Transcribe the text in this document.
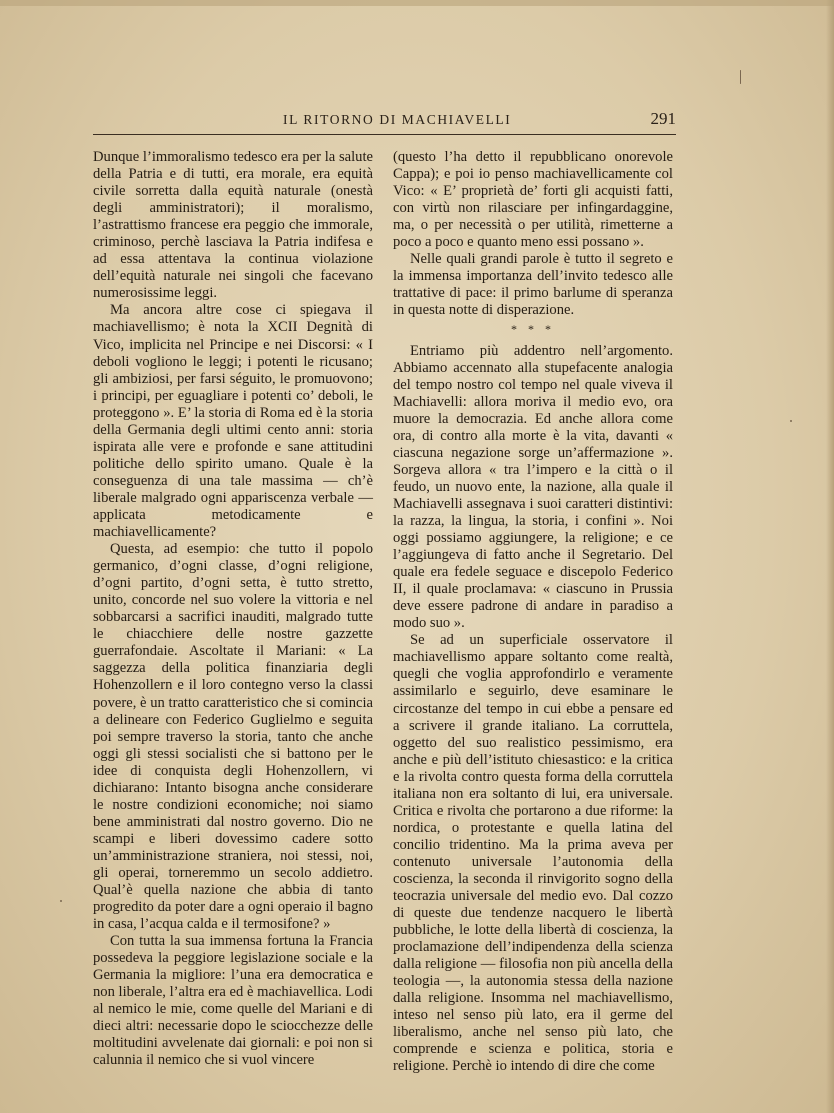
IL RITORNO DI MACHIAVELLI	291

Dunque l’immoralismo tedesco era per la salute della Patria e di tutti, era morale, era equità civile sorretta dalla equità naturale (onestà degli amministratori); il moralismo, l’astrattismo francese era peggio che immorale, criminoso, perchè lasciava la Patria indifesa e ad essa attentava la continua violazione dell’equità naturale nei singoli che facevano numerosissime leggi.

Ma ancora altre cose ci spiegava il machiavellismo; è nota la XCII Degnità di Vico, implicita nel Principe e nei Discorsi: « I deboli vogliono le leggi; i potenti le ricusano; gli ambiziosi, per farsi séguito, le promuovono; i principi, per eguagliare i potenti co’ deboli, le proteggono ». E’ la storia di Roma ed è la storia della Germania degli ultimi cento anni: storia ispirata alle vere e profonde e sane attitudini politiche dello spirito umano. Quale è la conseguenza di una tale massima — ch’è liberale malgrado ogni appariscenza verbale — applicata metodicamente e machiavellicamente?

Questa, ad esempio: che tutto il popolo germanico, d’ogni classe, d’ogni religione, d’ogni partito, d’ogni setta, è tutto stretto, unito, concorde nel suo volere la vittoria e nel sobbarcarsi a sacrifici inauditi, malgrado tutte le chiacchiere delle nostre gazzette guerrafondaie. Ascoltate il Mariani: « La saggezza della politica finanziaria degli Hohenzollern e il loro contegno verso la classi povere, è un tratto caratteristico che si comincia a delineare con Federico Guglielmo e seguita poi sempre traverso la storia, tanto che anche oggi gli stessi socialisti che si battono per le idee di conquista degli Hohenzollern, vi dichiarano: Intanto bisogna anche considerare le nostre condizioni economiche; noi siamo bene amministrati dal nostro governo. Dio ne scampi e liberi dovessimo cadere sotto un’amministrazione straniera, noi stessi, noi, gli operai, torneremmo un secolo addietro. Qual’è quella nazione che abbia di tanto progredito da poter dare a ogni operaio il bagno in casa, l’acqua calda e il termosifone? »

Con tutta la sua immensa fortuna la Francia possedeva la peggiore legislazione sociale e la Germania la migliore: l’una era democratica e non liberale, l’altra era ed è machiavellica. Lodi al nemico le mie, come quelle del Mariani e di dieci altri: necessarie dopo le sciocchezze delle moltitudini avvelenate dai giornali: e poi non si calunnia il nemico che si vuol vincere

(questo l’ha detto il repubblicano onorevole Cappa); e poi io penso machiavellicamente col Vico: « E’ proprietà de’ forti gli acquisti fatti, con virtù non rilasciare per infingardaggine, ma, o per necessità o per utilità, rimetterne a poco a poco e quanto meno essi possano ».

Nelle quali grandi parole è tutto il segreto e la immensa importanza dell’invito tedesco alle trattative di pace: il primo barlume di speranza in questa notte di disperazione.

* * *

Entriamo più addentro nell’argomento. Abbiamo accennato alla stupefacente analogia del tempo nostro col tempo nel quale viveva il Machiavelli: allora moriva il medio evo, ora muore la democrazia. Ed anche allora come ora, di contro alla morte è la vita, davanti « ciascuna negazione sorge un’affermazione ». Sorgeva allora « tra l’impero e la città o il feudo, un nuovo ente, la nazione, alla quale il Machiavelli assegnava i suoi caratteri distintivi: la razza, la lingua, la storia, i confini ». Noi oggi possiamo aggiungere, la religione; e ce l’aggiungeva di fatto anche il Segretario. Del quale era fedele seguace e discepolo Federico II, il quale proclamava: « ciascuno in Prussia deve essere padrone di andare in paradiso a modo suo ».

Se ad un superficiale osservatore il machiavellismo appare soltanto come realtà, quegli che voglia approfondirlo e veramente assimilarlo e seguirlo, deve esaminare le circostanze del tempo in cui ebbe a pensare ed a scrivere il grande italiano. La corruttela, oggetto del suo realistico pessimismo, era anche e più dell’istituto chiesastico: e la critica e la rivolta contro questa forma della corruttela italiana non era soltanto di lui, era universale. Critica e rivolta che portarono a due riforme: la nordica, o protestante e quella latina del concilio tridentino. Ma la prima aveva per contenuto universale l’autonomia della coscienza, la seconda il rinvigorito sogno della teocrazia universale del medio evo. Dal cozzo di queste due tendenze nacquero le libertà pubbliche, le lotte della libertà di coscienza, la proclamazione dell’indipendenza della scienza dalla religione — filosofia non più ancella della teologia —, la autonomia stessa della nazione dalla religione. Insomma nel machiavellismo, inteso nel senso più lato, era il germe del liberalismo, anche nel senso più lato, che comprende e scienza e politica, storia e religione. Perchè io intendo di dire che come
